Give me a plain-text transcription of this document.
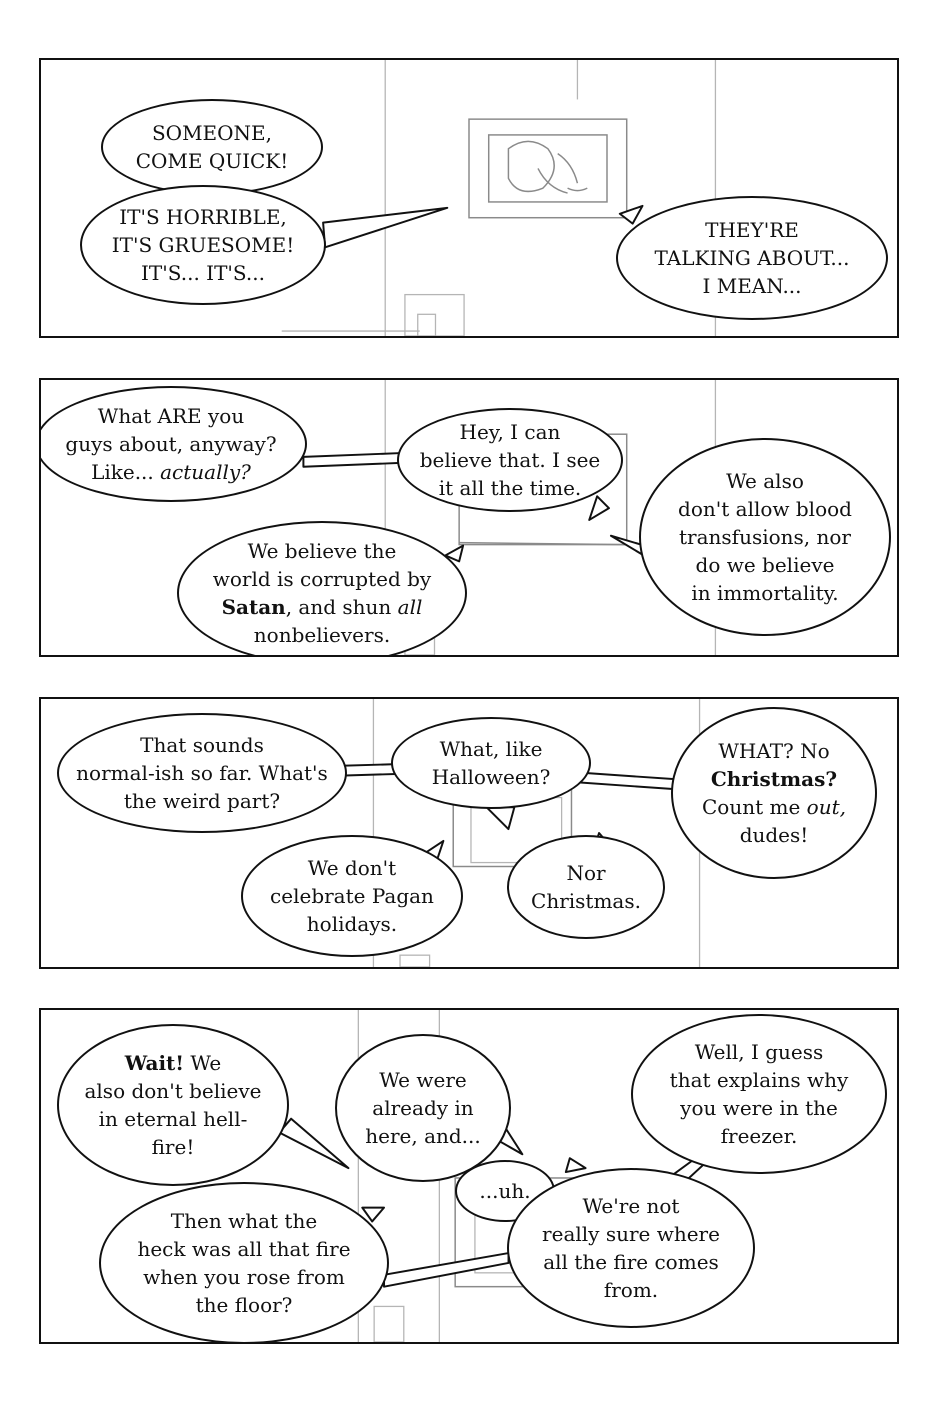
SOMEONE,
COME QUICK!
IT'S HORRIBLE,
IT'S GRUESOME!
IT'S... IT'S...
THEY'RE
TALKING ABOUT...
I MEAN...
What ARE you
guys about, anyway?
Like... actually?
Hey, I can
believe that. I see
it all the time.
We believe the
world is corrupted by
Satan, and shun all
nonbelievers.
We also
don't allow blood
transfusions, nor
do we believe
in immortality.
That sounds
normal-ish so far. What's
the weird part?
What, like
Halloween?
WHAT? No
Christmas?
Count me out,
dudes!
We don't
celebrate Pagan
holidays.
Nor
Christmas.
Wait! We
also don't believe
in eternal hell-
fire!
We were
already in
here, and...
...uh.
Well, I guess
that explains why
you were in the
freezer.
Then what the
heck was all that fire
when you rose from
the floor?
We're not
really sure where
all the fire comes
from.
